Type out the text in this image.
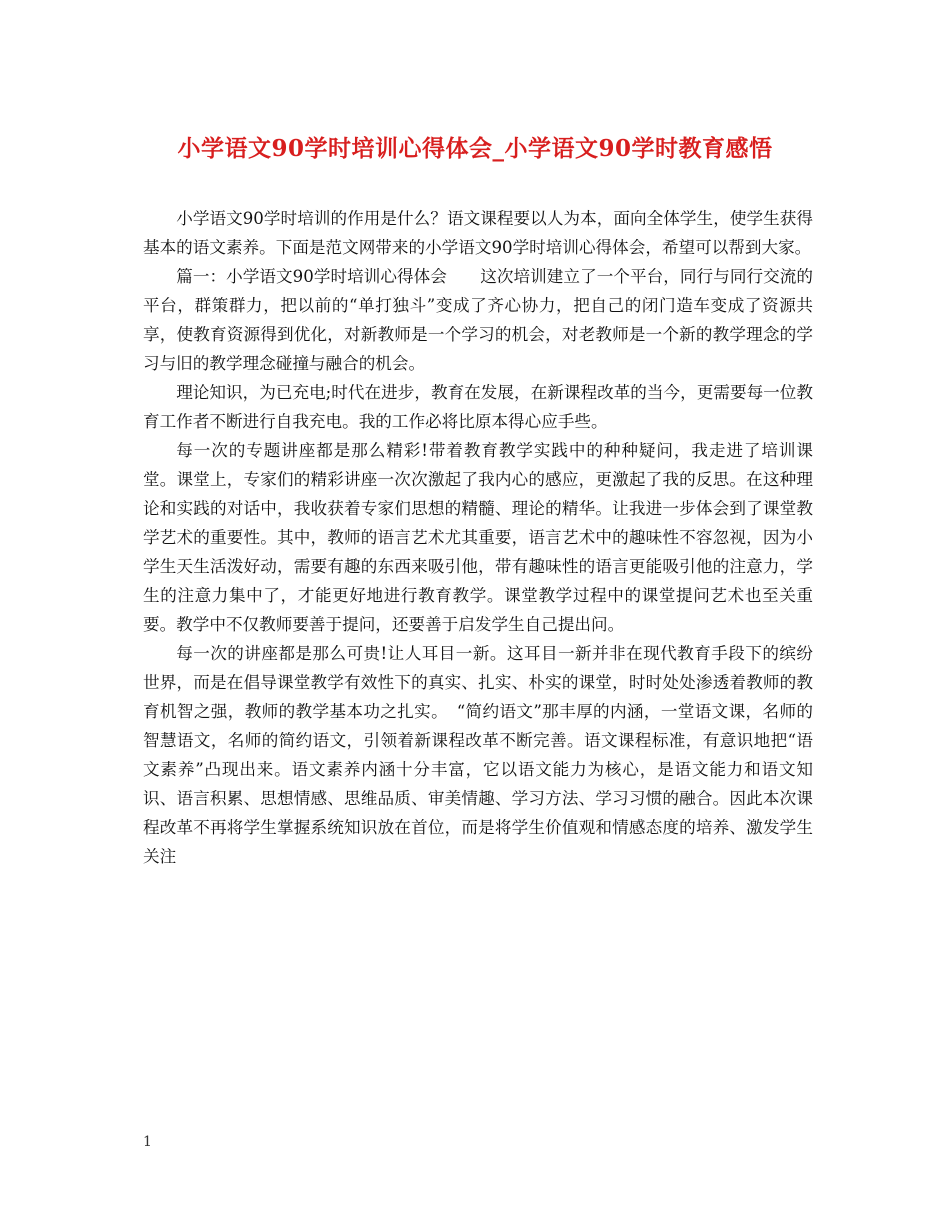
小学语文90学时培训心得体会_小学语文90学时教育感悟

小学语文90学时培训的作用是什么？语文课程要以人为本，面向全体学生，使学生获得基本的语文素养。下面是范文网带来的小学语文90学时培训心得体会，希望可以帮到大家。

篇一：小学语文90学时培训心得体会　　这次培训建立了一个平台，同行与同行交流的平台，群策群力，把以前的“单打独斗”变成了齐心协力，把自己的闭门造车变成了资源共享，使教育资源得到优化，对新教师是一个学习的机会，对老教师是一个新的教学理念的学习与旧的教学理念碰撞与融合的机会。

理论知识，为已充电;时代在进步，教育在发展，在新课程改革的当今，更需要每一位教育工作者不断进行自我充电。我的工作必将比原本得心应手些。

每一次的专题讲座都是那么精彩!带着教育教学实践中的种种疑问，我走进了培训课堂。课堂上，专家们的精彩讲座一次次激起了我内心的感应，更激起了我的反思。在这种理论和实践的对话中，我收获着专家们思想的精髓、理论的精华。让我进一步体会到了课堂教学艺术的重要性。其中，教师的语言艺术尤其重要，语言艺术中的趣味性不容忽视，因为小学生天生活泼好动，需要有趣的东西来吸引他，带有趣味性的语言更能吸引他的注意力，学生的注意力集中了，才能更好地进行教育教学。课堂教学过程中的课堂提问艺术也至关重要。教学中不仅教师要善于提问，还要善于启发学生自己提出问。

每一次的讲座都是那么可贵!让人耳目一新。这耳目一新并非在现代教育手段下的缤纷世界，而是在倡导课堂教学有效性下的真实、扎实、朴实的课堂，时时处处渗透着教师的教育机智之强，教师的教学基本功之扎实。　“简约语文”那丰厚的内涵，一堂语文课，名师的智慧语文，名师的简约语文，引领着新课程改革不断完善。语文课程标准，有意识地把“语文素养”凸现出来。语文素养内涵十分丰富，它以语文能力为核心，是语文能力和语文知识、语言积累、思想情感、思维品质、审美情趣、学习方法、学习习惯的融合。因此本次课程改革不再将学生掌握系统知识放在首位，而是将学生价值观和情感态度的培养、激发学生关注

1
